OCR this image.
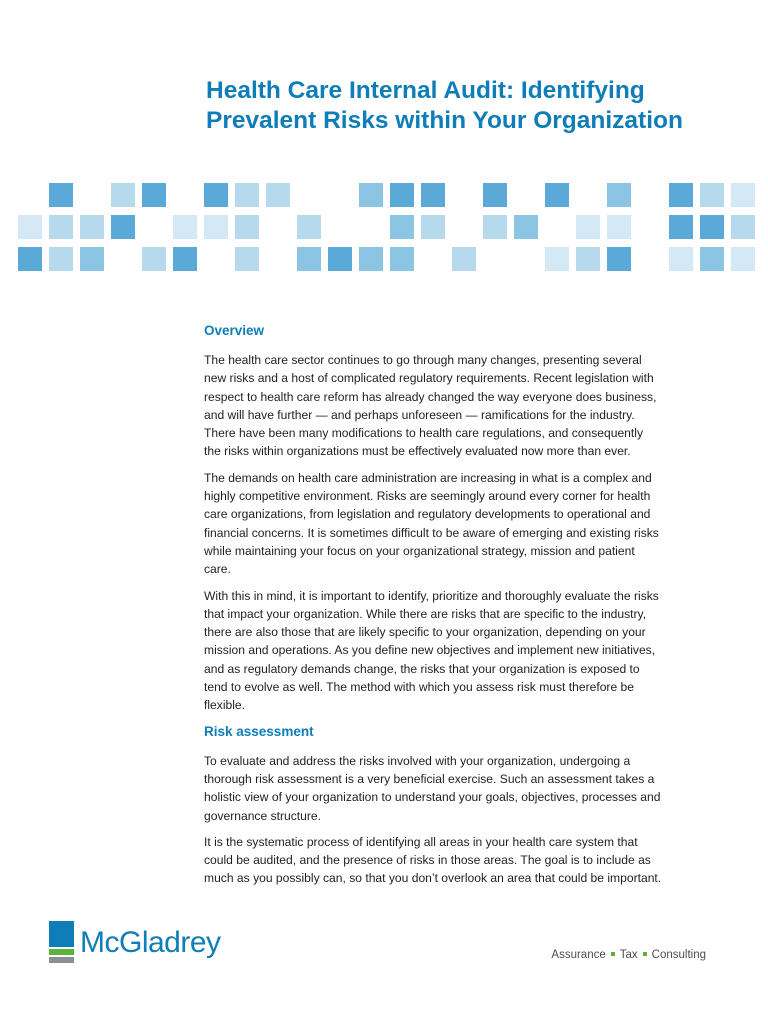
Health Care Internal Audit: Identifying
Prevalent Risks within Your Organization
Overview

The health care sector continues to go through many changes, presenting several
new risks and a host of complicated regulatory requirements. Recent legislation with
respect to health care reform has already changed the way everyone does business,
and will have further — and perhaps unforeseen — ramifications for the industry.
There have been many modifications to health care regulations, and consequently
the risks within organizations must be effectively evaluated now more than ever.

The demands on health care administration are increasing in what is a complex and
highly competitive environment. Risks are seemingly around every corner for health
care organizations, from legislation and regulatory developments to operational and
financial concerns. It is sometimes difficult to be aware of emerging and existing risks
while maintaining your focus on your organizational strategy, mission and patient
care.

With this in mind, it is important to identify, prioritize and thoroughly evaluate the risks
that impact your organization. While there are risks that are specific to the industry,
there are also those that are likely specific to your organization, depending on your
mission and operations. As you define new objectives and implement new initiatives,
and as regulatory demands change, the risks that your organization is exposed to
tend to evolve as well. The method with which you assess risk must therefore be
flexible.

Risk assessment

To evaluate and address the risks involved with your organization, undergoing a
thorough risk assessment is a very beneficial exercise. Such an assessment takes a
holistic view of your organization to understand your goals, objectives, processes and
governance structure.

It is the systematic process of identifying all areas in your health care system that
could be audited, and the presence of risks in those areas. The goal is to include as
much as you possibly can, so that you don’t overlook an area that could be important.

McGladrey	Assurance Tax Consulting
